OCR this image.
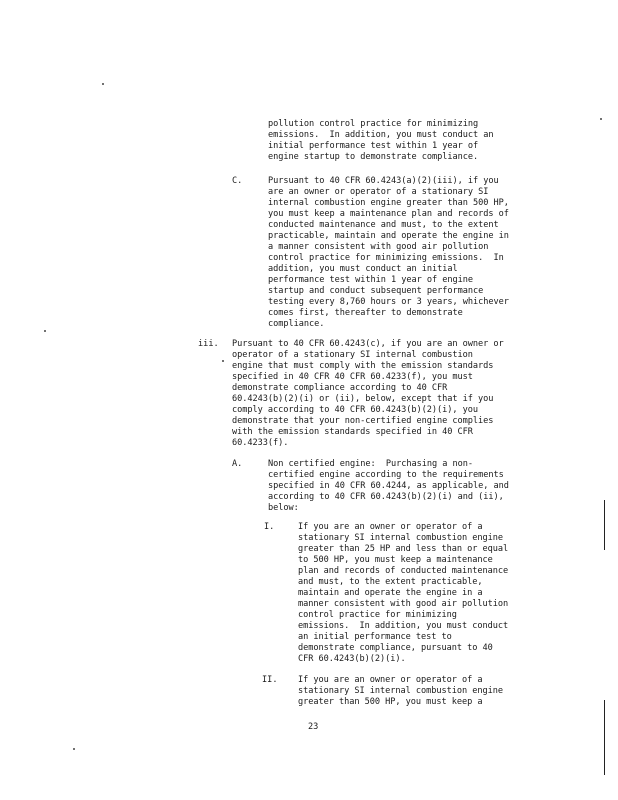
pollution control practice for minimizing
emissions.  In addition, you must conduct an
initial performance test within 1 year of
engine startup to demonstrate compliance.
C.	Pursuant to 40 CFR 60.4243(a)(2)(iii), if you
are an owner or operator of a stationary SI
internal combustion engine greater than 500 HP,
you must keep a maintenance plan and records of
conducted maintenance and must, to the extent
practicable, maintain and operate the engine in
a manner consistent with good air pollution
control practice for minimizing emissions.  In
addition, you must conduct an initial
performance test within 1 year of engine
startup and conduct subsequent performance
testing every 8,760 hours or 3 years, whichever
comes first, thereafter to demonstrate
compliance.
iii. Pursuant to 40 CFR 60.4243(c), if you are an owner or
operator of a stationary SI internal combustion
engine that must comply with the emission standards
specified in 40 CFR 40 CFR 60.4233(f), you must
demonstrate compliance according to 40 CFR
60.4243(b)(2)(i) or (ii), below, except that if you
comply according to 40 CFR 60.4243(b)(2)(i), you
demonstrate that your non-certified engine complies
with the emission standards specified in 40 CFR
60.4233(f).
A.	Non certified engine:  Purchasing a non-
certified engine according to the requirements
specified in 40 CFR 60.4244, as applicable, and
according to 40 CFR 60.4243(b)(2)(i) and (ii),
below:
I.	If you are an owner or operator of a
stationary SI internal combustion engine
greater than 25 HP and less than or equal
to 500 HP, you must keep a maintenance
plan and records of conducted maintenance
and must, to the extent practicable,
maintain and operate the engine in a
manner consistent with good air pollution
control practice for minimizing
emissions.  In addition, you must conduct
an initial performance test to
demonstrate compliance, pursuant to 40
CFR 60.4243(b)(2)(i).
II. If you are an owner or operator of a
stationary SI internal combustion engine
greater than 500 HP, you must keep a
23
